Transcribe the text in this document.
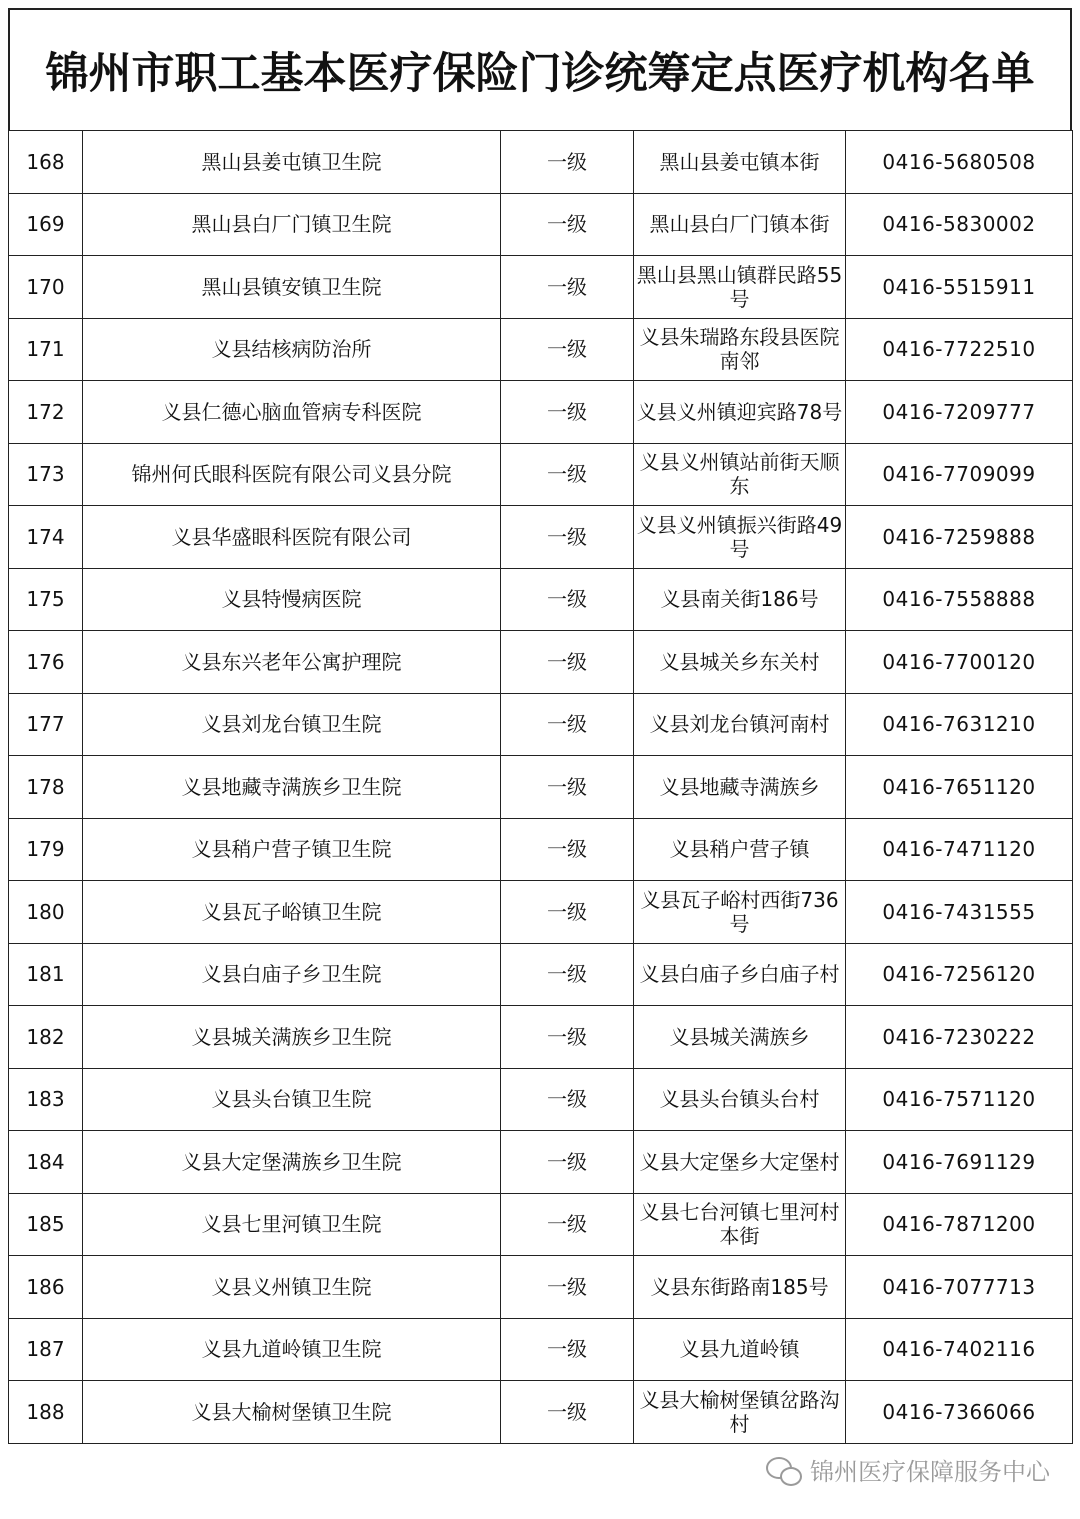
锦州市职工基本医疗保险门诊统筹定点医疗机构名单
168	黑山县姜屯镇卫生院	一级	黑山县姜屯镇本街	0416-5680508
169	黑山县白厂门镇卫生院	一级	黑山县白厂门镇本街	0416-5830002
170	黑山县镇安镇卫生院	一级	黑山县黑山镇群民路55号	0416-5515911
171	义县结核病防治所	一级	义县朱瑞路东段县医院南邻	0416-7722510
172	义县仁德心脑血管病专科医院	一级	义县义州镇迎宾路78号	0416-7209777
173	锦州何氏眼科医院有限公司义县分院	一级	义县义州镇站前街天顺东	0416-7709099
174	义县华盛眼科医院有限公司	一级	义县义州镇振兴街路49号	0416-7259888
175	义县特慢病医院	一级	义县南关街186号	0416-7558888
176	义县东兴老年公寓护理院	一级	义县城关乡东关村	0416-7700120
177	义县刘龙台镇卫生院	一级	义县刘龙台镇河南村	0416-7631210
178	义县地藏寺满族乡卫生院	一级	义县地藏寺满族乡	0416-7651120
179	义县稍户营子镇卫生院	一级	义县稍户营子镇	0416-7471120
180	义县瓦子峪镇卫生院	一级	义县瓦子峪村西街736号	0416-7431555
181	义县白庙子乡卫生院	一级	义县白庙子乡白庙子村	0416-7256120
182	义县城关满族乡卫生院	一级	义县城关满族乡	0416-7230222
183	义县头台镇卫生院	一级	义县头台镇头台村	0416-7571120
184	义县大定堡满族乡卫生院	一级	义县大定堡乡大定堡村	0416-7691129
185	义县七里河镇卫生院	一级	义县七台河镇七里河村本街	0416-7871200
186	义县义州镇卫生院	一级	义县东街路南185号	0416-7077713
187	义县九道岭镇卫生院	一级	义县九道岭镇	0416-7402116
188	义县大榆树堡镇卫生院	一级	义县大榆树堡镇岔路沟村	0416-7366066
锦州医疗保障服务中心
